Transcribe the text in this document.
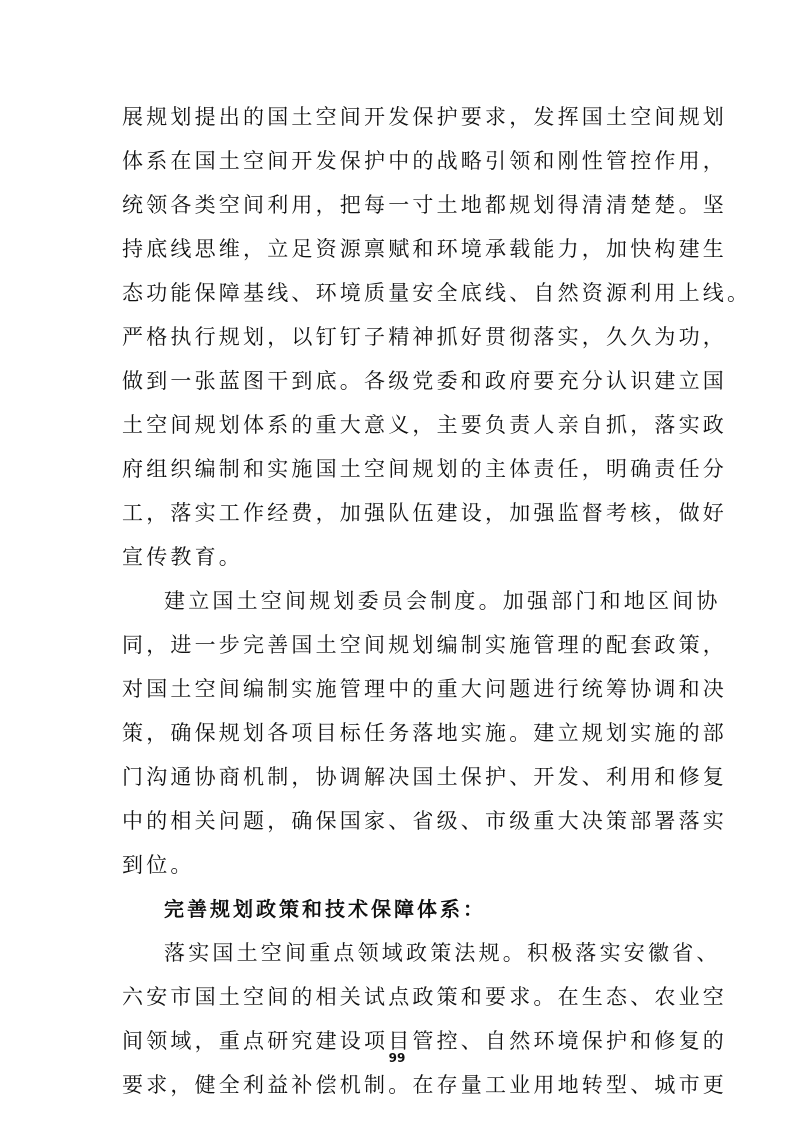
展规划提出的国土空间开发保护要求，发挥国土空间规划
体系在国土空间开发保护中的战略引领和刚性管控作用，
统领各类空间利用，把每一寸土地都规划得清清楚楚。坚
持底线思维，立足资源禀赋和环境承载能力，加快构建生
态功能保障基线、环境质量安全底线、自然资源利用上线。
严格执行规划，以钉钉子精神抓好贯彻落实，久久为功，
做到一张蓝图干到底。各级党委和政府要充分认识建立国
土空间规划体系的重大意义，主要负责人亲自抓，落实政
府组织编制和实施国土空间规划的主体责任，明确责任分
工，落实工作经费，加强队伍建设，加强监督考核，做好
宣传教育。
建立国土空间规划委员会制度。加强部门和地区间协
同，进一步完善国土空间规划编制实施管理的配套政策，
对国土空间编制实施管理中的重大问题进行统筹协调和决
策，确保规划各项目标任务落地实施。建立规划实施的部
门沟通协商机制，协调解决国土保护、开发、利用和修复
中的相关问题，确保国家、省级、市级重大决策部署落实
到位。
完善规划政策和技术保障体系：
落实国土空间重点领域政策法规。积极落实安徽省、
六安市国土空间的相关试点政策和要求。在生态、农业空
间领域，重点研究建设项目管控、自然环境保护和修复的
要求，健全利益补偿机制。在存量工业用地转型、城市更
99
